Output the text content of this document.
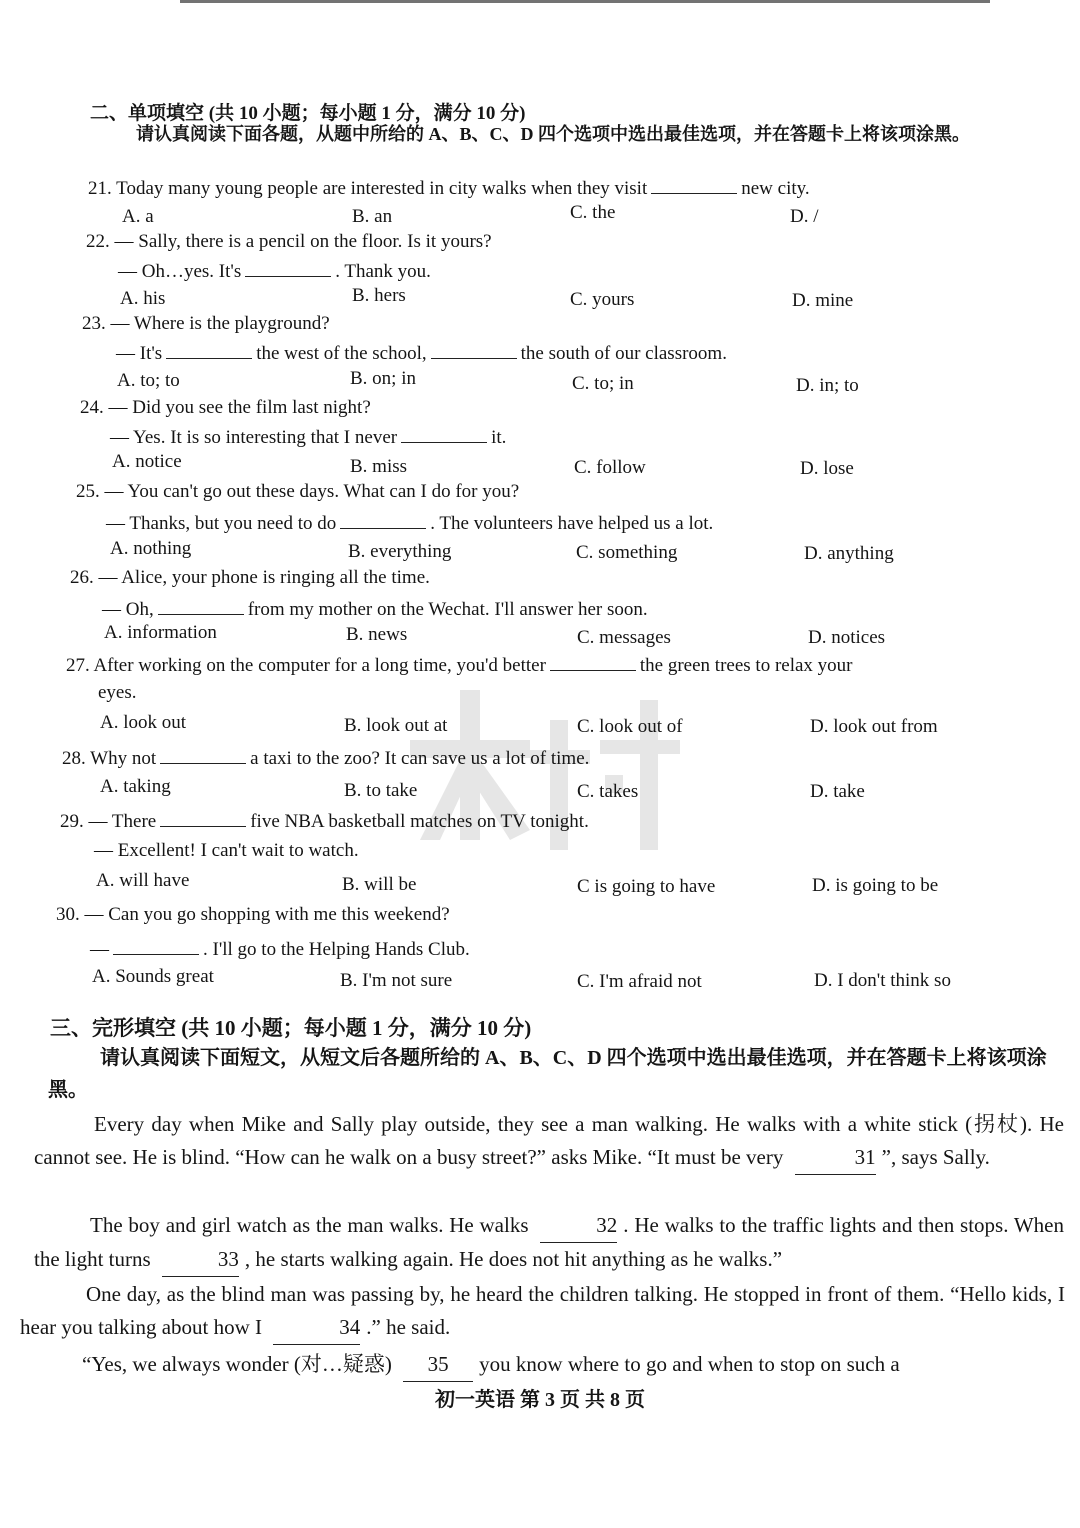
二、单项填空 (共 10 小题；每小题 1 分，满分 10 分)
请认真阅读下面各题，从题中所给的 A、B、C、D 四个选项中选出最佳选项，并在答题卡上将该项涂黑。
21. Today many young people are interested in city walks when they visit	new city.
A. a	B. an	C. the	D. /
22. — Sally, there is a pencil on the floor. Is it yours?
— Oh…yes. It's	. Thank you.
A. his	B. hers	C. yours	D. mine
23. — Where is the playground?
— It's	the west of the school,	the south of our classroom.
A. to; to	B. on; in	C. to; in	D. in; to
24. — Did you see the film last night?
— Yes. It is so interesting that I never	it.
A. notice	B. miss	C. follow	D. lose
25. — You can't go out these days. What can I do for you?
— Thanks, but you need to do	. The volunteers have helped us a lot.
A. nothing	B. everything	C. something	D. anything
26. — Alice, your phone is ringing all the time.
— Oh,	from my mother on the Wechat. I'll answer her soon.
A. information	B. news	C. messages	D. notices
27. After working on the computer for a long time, you'd better	the green trees to relax your
eyes.
A. look out	B. look out at	C. look out of	D. look out from
28. Why not	a taxi to the zoo? It can save us a lot of time.
A. taking	B. to take	C. takes	D. take
29. — There	five NBA basketball matches on TV tonight.
— Excellent! I can't wait to watch.
A. will have	B. will be	C is going to have	D. is going to be
30. — Can you go shopping with me this weekend?
—	. I'll go to the Helping Hands Club.
A. Sounds great	B. I'm not sure	C. I'm afraid not	D. I don't think so
三、完形填空 (共 10 小题；每小题 1 分，满分 10 分)
请认真阅读下面短文，从短文后各题所给的 A、B、C、D 四个选项中选出最佳选项，并在答题卡上将该项涂黑。
Every day when Mike and Sally play outside, they see a man walking. He walks with a white stick (拐杖). He cannot see. He is blind. “How can he walk on a busy street?” asks Mike. “It must be very	31 ”, says Sally.
The boy and girl watch as the man walks. He walks	32 . He walks to the traffic lights and then stops. When the light turns	33 , he starts walking again. He does not hit anything as he walks.”
One day, as the blind man was passing by, he heard the children talking. He stopped in front of them. “Hello kids, I hear you talking about how I	34 .” he said.
“Yes, we always wonder (对…疑惑) 35 you know where to go and when to stop on such a
初一英语 第 3 页 共 8 页
